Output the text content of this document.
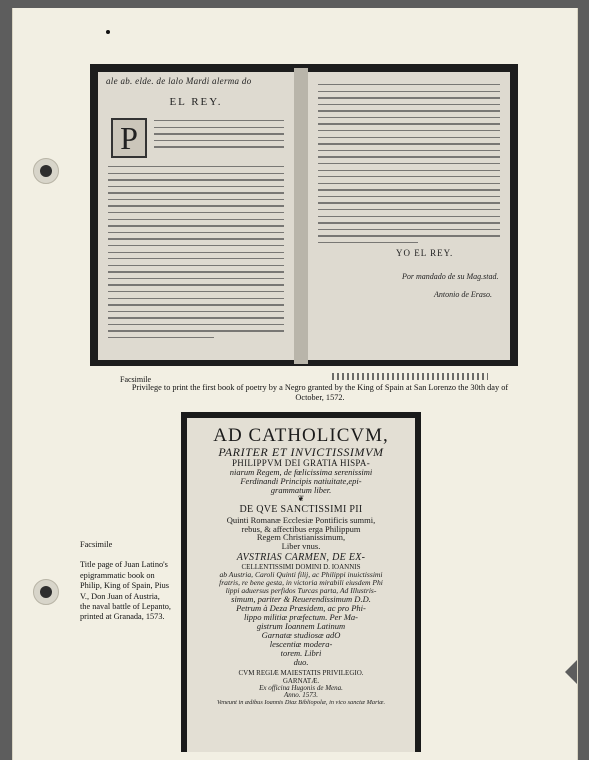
ale ab. elde. de lalo Mardi alerma do
EL REY.
P
YO EL REY.
Por mandado de su Mag.stad.
Antonio de Eraso.
Facsimile
Privilege to print the first book of poetry by a Negro granted by the King of Spain at San Lorenzo the 30th day of October, 1572.
AD CATHOLICVM,
PARITER ET INVICTISSIMVM
PHILIPPVM DEI GRATIA HISPA-
niarum Regem, de fœlicissima serenissimi
Ferdinandi Principis natiuitate,epi-
grammatum liber.
❦
DE QVE SANCTISSIMI PII
Quinti Romanæ Ecclesiæ Pontificis summi,
rebus, & affectibus erga Philippum
Regem Christianissimum,
Liber vnus.
AVSTRIAS CARMEN, DE EX-
CELLENTISSIMI DOMINI D. IOANNIS
ab Austria, Caroli Quinti filij, ac Philippi inuictissimi
fratris, re bene gesta, in victoria mirabili eiusdem Phi
lippi aduersus perfidos Turcas parta, Ad Illustris-
simum, pariter & Reuerendissimum D.D.
Petrum à Deza Præsidem, ac pro Phi-
lippo militiæ præfectum. Per Ma-
gistrum Ioannem Latinum
Garnatæ studiosæ adO
lescentiæ modera-
torem. Libri
duo.
CVM REGIÆ MAIESTATIS PRIVILEGIO.
GARNATÆ.
Ex officina Hugonis de Mena.
Anno. 1573.
Veneunt in ædibus Ioannis Diaz Bibliopolæ, in vico sanctæ Mariæ.
Facsimile
Title page of Juan Latino's epigrammatic book on Philip, King of Spain, Pius V., Don Juan of Austria, the naval battle of Lepanto, printed at Granada, 1573.
